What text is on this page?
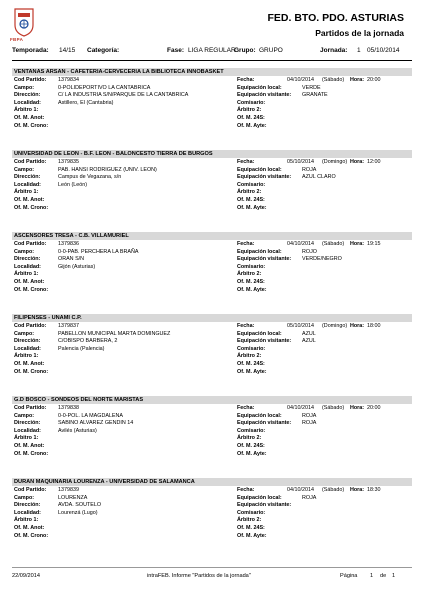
FBPA
FED. BTO. PDO. ASTURIAS
Partidos de la jornada
Temporada: 14/15 Categoría:	Fase: LIGA REGULAR
Grupo: GRUPO	Jornada: 1 05/10/2014
VENTANAS ARSAN - CAFETERIA-CERVECERIA LA BIBLIOTECA INNOBASKET
Cod Partido: 1379834	Fecha:	04/10/2014 (Sábado) Hora: 20:00
Campo:	0-POLIDEPORTIVO LA CANTABRICA	Equipación local:	VERDE
Dirección:	C/ LA INDUSTRIA S/N/PARQUE DE LA CANTABRICA	Equipación visitante: GRANATE
Localidad:	Astillero, El (Cantabria)	Comisario:
Árbitro 1:	Árbitro 2:
Of. M. Anot:	Of. M. 24S:
Of. M. Crono:	Of. M. Ayte:
UNIVERSIDAD DE LEON - B.F. LEON - BALONCESTO TIERRA DE BURGOS
Cod Partido: 1379835	Fecha:	05/10/2014 (Domingo) Hora: 12:00
Campo:	PAB. HANSI RODRIGUEZ (UNIV. LEON)	Equipación local:	ROJA
Dirección:	Campus de Vegazana, s/n	Equipación visitante: AZUL CLARO
Localidad:	León (León)	Comisario:
Árbitro 1:	Árbitro 2:
Of. M. Anot:	Of. M. 24S:
Of. M. Crono:	Of. M. Ayte:
ASCENSORES TRESA - C.B. VILLAMURIEL
Cod Partido: 1379836	Fecha:	04/10/2014 (Sábado) Hora: 19:15
Campo:	0-0-PAB. PERCHERA LA BRAÑA	Equipación local:	ROJO
Dirección:	ORAN S/N	Equipación visitante: VERDE/NEGRO
Localidad:	Gijón (Asturias)	Comisario:
Árbitro 1:	Árbitro 2:
Of. M. Anot:	Of. M. 24S:
Of. M. Crono:	Of. M. Ayte:
FILIPENSES - UNAMI C.P.
Cod Partido: 1379837	Fecha:	05/10/2014 (Domingo) Hora: 18:00
Campo:	PABELLON MUNICIPAL MARTA DOMINGUEZ	Equipación local:	AZUL
Dirección:	C/OBISPO BARBERA, 2	Equipación visitante: AZUL
Localidad:	Palencia (Palencia)	Comisario:
Árbitro 1:	Árbitro 2:
Of. M. Anot:	Of. M. 24S:
Of. M. Crono:	Of. M. Ayte:
G.D BOSCO - SONDEOS DEL NORTE MARISTAS
Cod Partido: 1379838	Fecha:	04/10/2014 (Sábado) Hora: 20:00
Campo:	0-0-POL. LA MAGDALENA	Equipación local:	ROJA
Dirección:	SABINO ALVAREZ GENDIN 14	Equipación visitante: ROJA
Localidad:	Avilés (Asturias)	Comisario:
Árbitro 1:	Árbitro 2:
Of. M. Anot:	Of. M. 24S:
Of. M. Crono:	Of. M. Ayte:
DURAN MAQUINARIA LOURENZA - UNIVERSIDAD DE SALAMANCA
Cod Partido: 1379839	Fecha:	04/10/2014 (Sábado) Hora: 18:30
Campo:	LOURENZA	Equipación local:	ROJA
Dirección:	AVDA. SOUTELO	Equipación visitante:
Localidad:	Lourenzá (Lugo)	Comisario:
Árbitro 1:	Árbitro 2:
Of. M. Anot:	Of. M. 24S:
Of. M. Crono:	Of. M. Ayte:
22/09/2014	intraFEB. Informe "Partidos de la jornada"	Página 1 de 1
